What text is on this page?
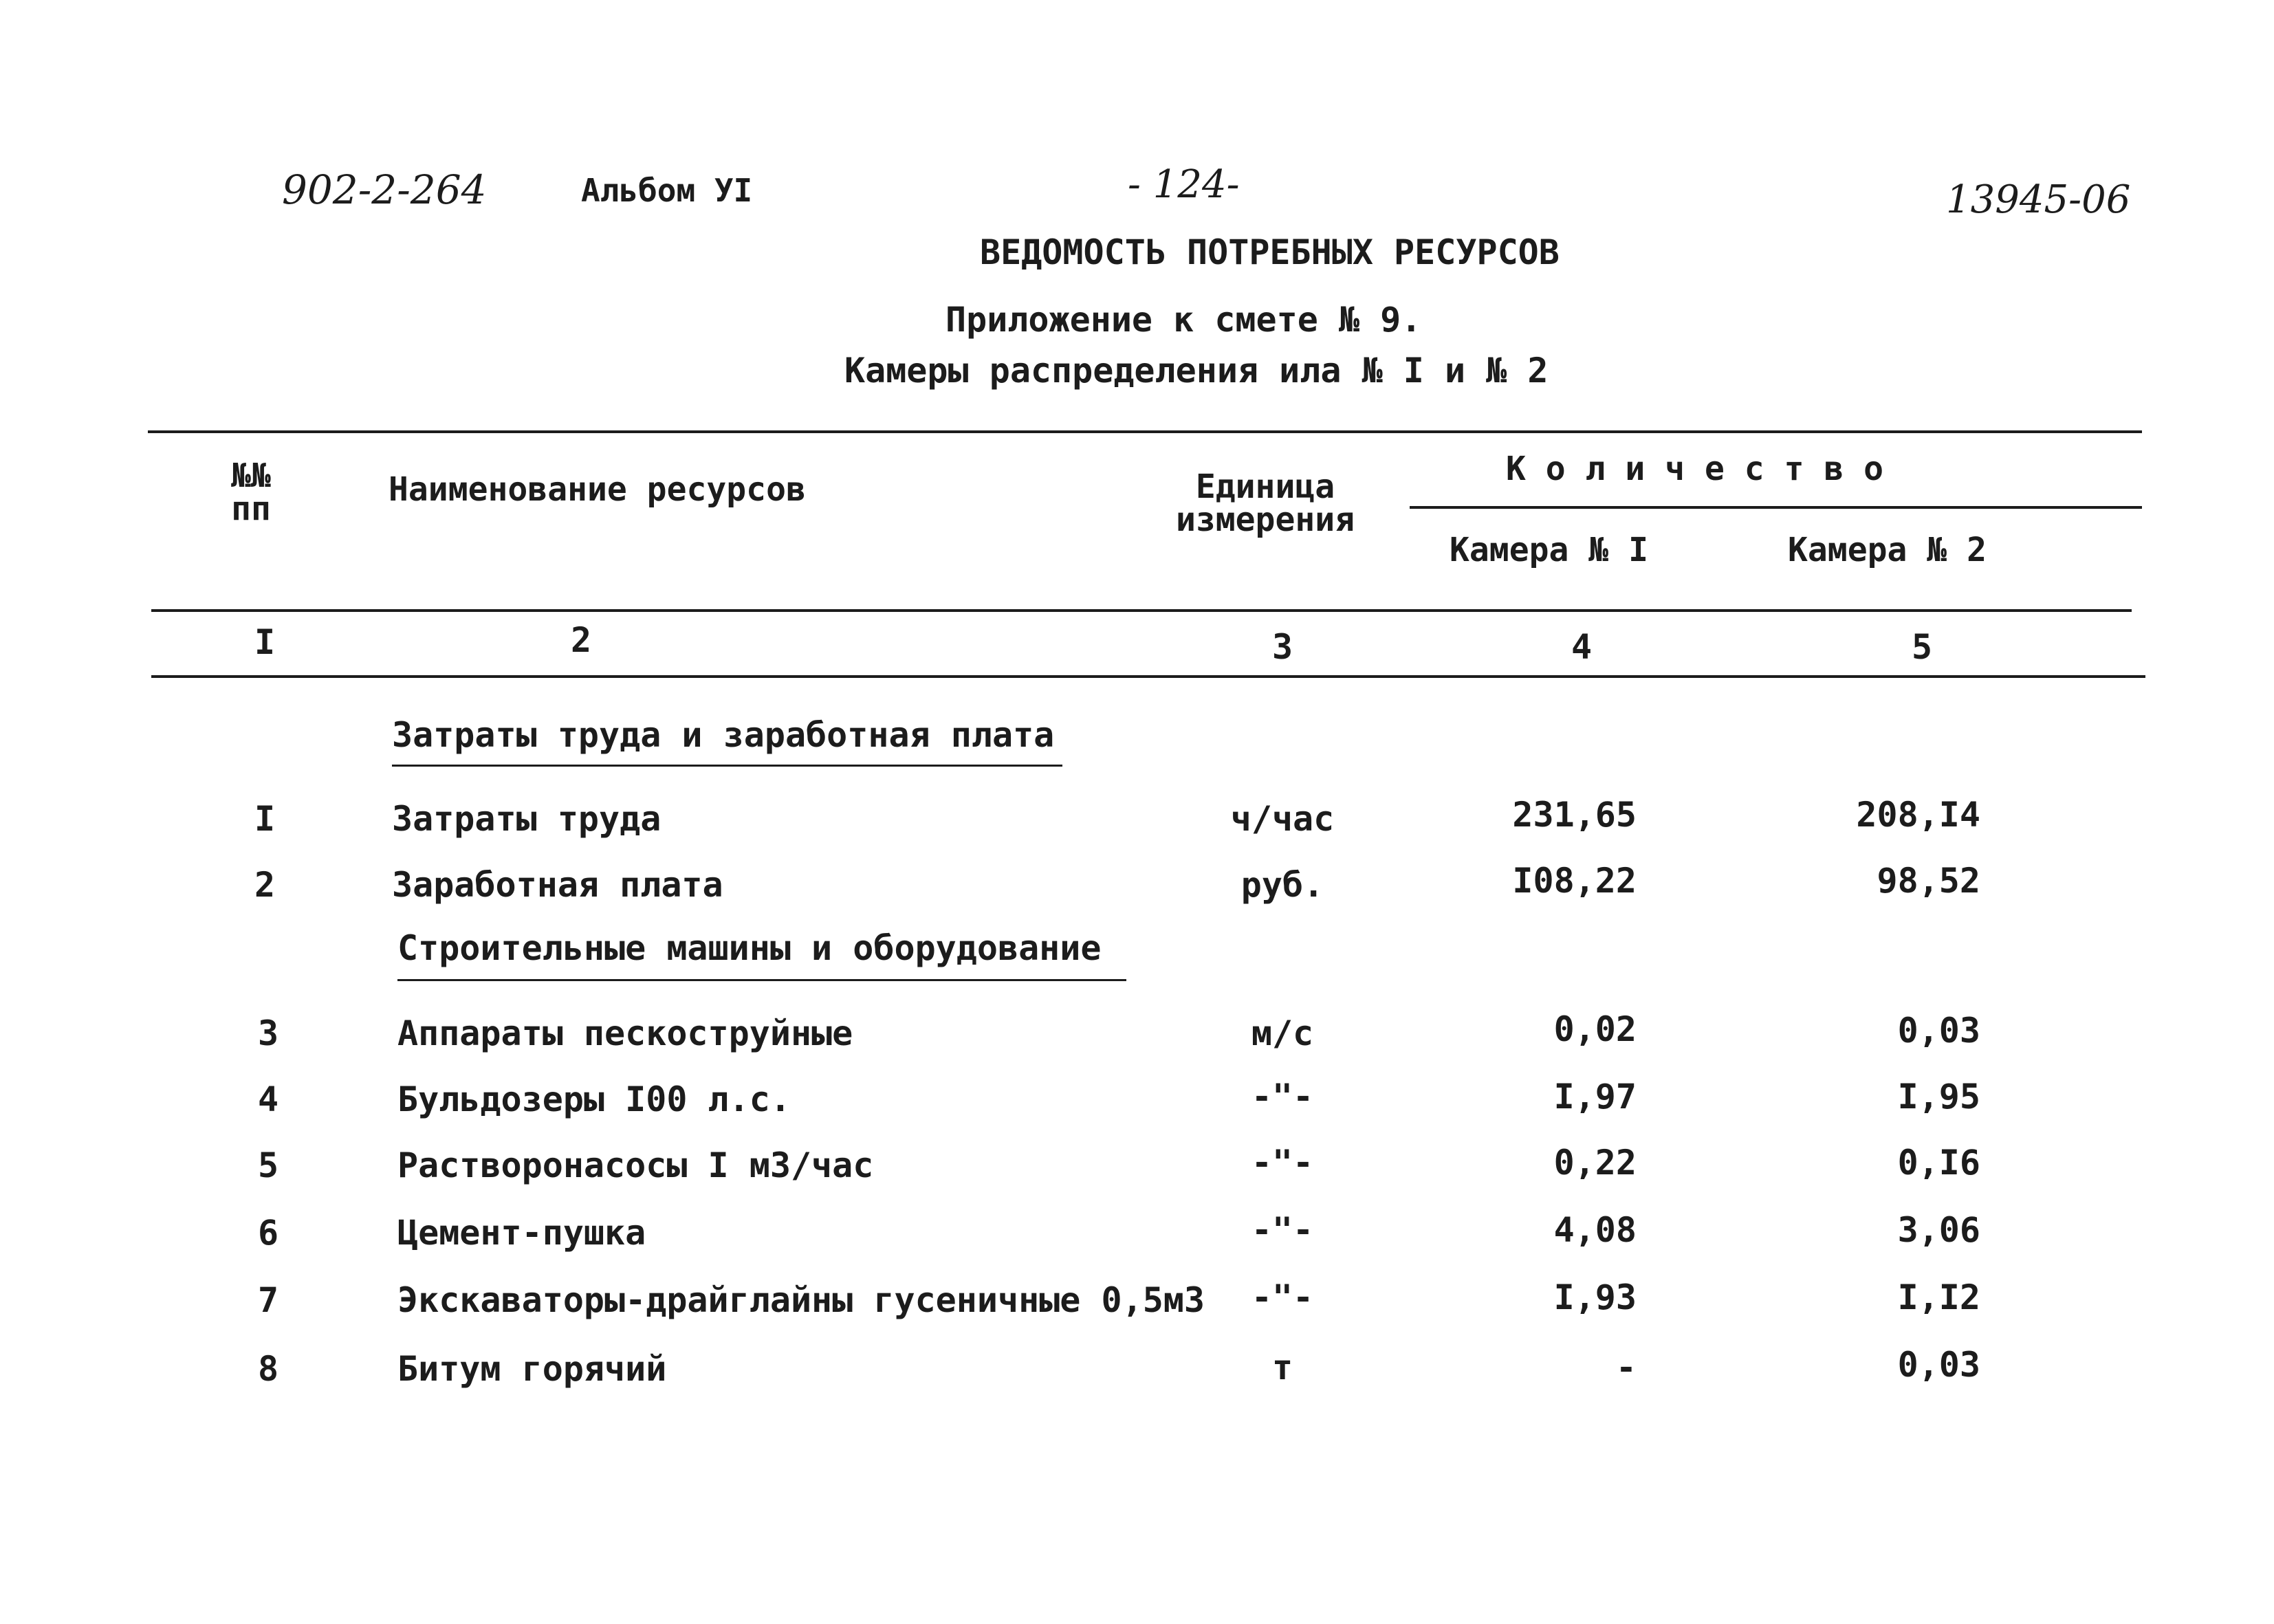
902-2-264	Альбом УI	- 124-	13945-06
ВЕДОМОСТЬ ПОТРЕБНЫХ РЕСУРСОВ
Приложение к смете № 9.
Камеры распределения ила № I и № 2
№№ пп	Наименование ресурсов	Единица
измерения
К о л и ч е с т в о
Камера № I	Камера № 2
I	2	3	4	5
Затраты труда и заработная плата
I	Затраты труда	ч/час	231,65	208,I4
2	Заработная плата	руб.	I08,22	98,52
Строительные машины и оборудование
3	Аппараты пескоструйные	м/с	0,02	0,03
4	Бульдозеры I00 л.с.	-"-	I,97	I,95
5	Растворонасосы I м3/час	-"-	0,22	0,I6
6	Цемент-пушка	-"-	4,08	3,06
7	Экскаваторы-драйглайны гусеничные 0,5м3	-"-	I,93	I,I2
8	Битум горячий	т	-	0,03
